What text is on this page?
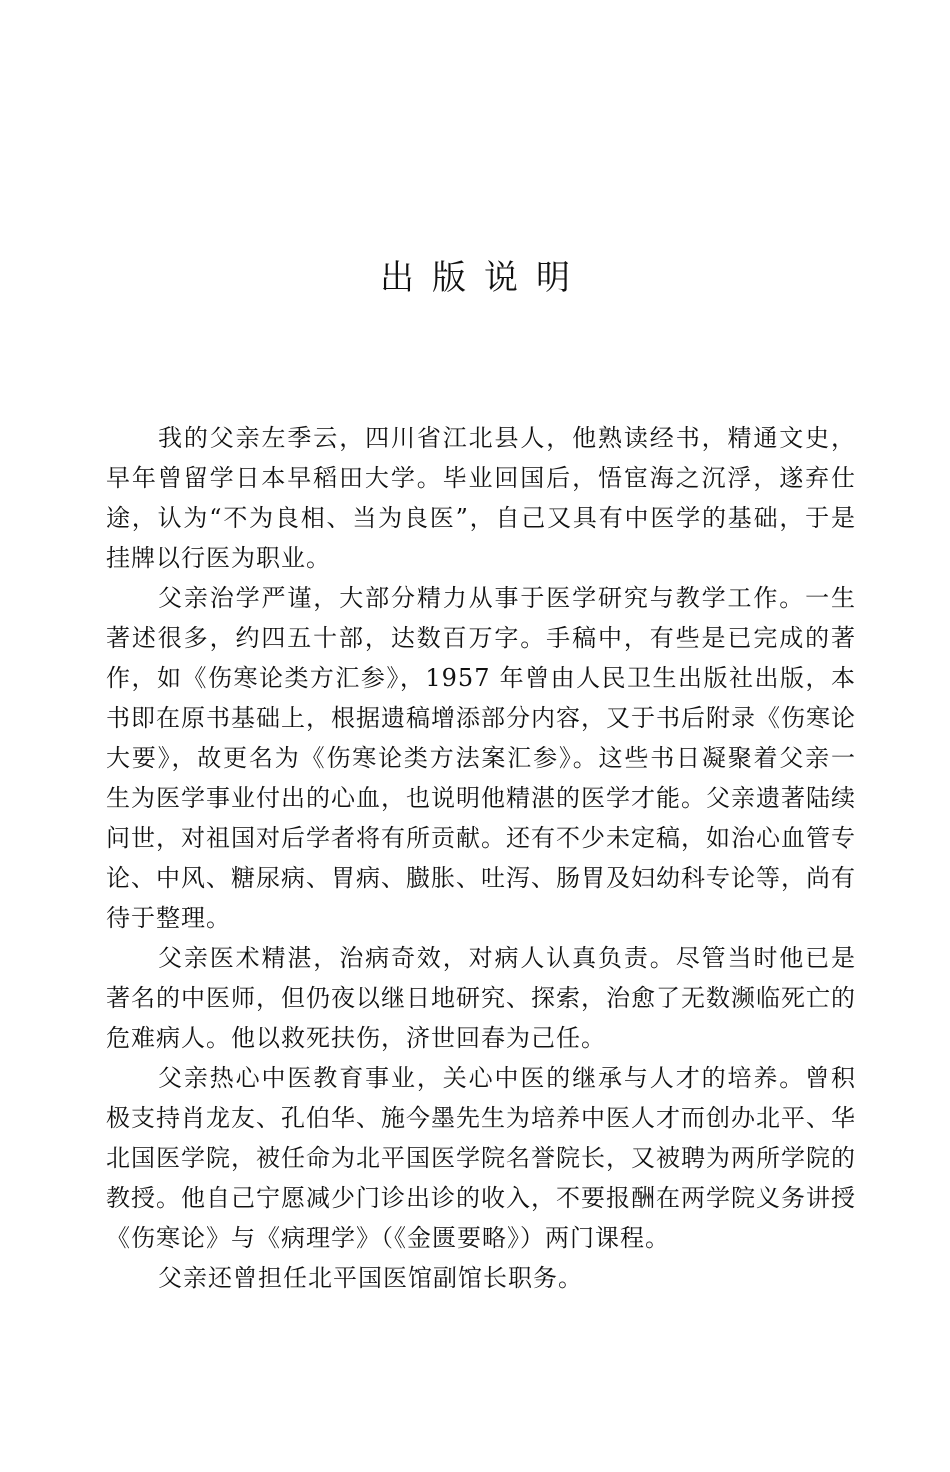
出版说明

我的父亲左季云，四川省江北县人，他熟读经书，精通文史，早年曾留学日本早稻田大学。毕业回国后，悟宦海之沉浮，遂弃仕途，认为“不为良相、当为良医”，自己又具有中医学的基础，于是挂牌以行医为职业。

父亲治学严谨，大部分精力从事于医学研究与教学工作。一生著述很多，约四五十部，达数百万字。手稿中，有些是已完成的著作，如《伤寒论类方汇参》，1957 年曾由人民卫生出版社出版，本书即在原书基础上，根据遗稿增添部分内容，又于书后附录《伤寒论大要》，故更名为《伤寒论类方法案汇参》。这些书日凝聚着父亲一生为医学事业付出的心血，也说明他精湛的医学才能。父亲遗著陆续问世，对祖国对后学者将有所贡献。还有不少未定稿，如治心血管专论、中风、糖尿病、胃病、臌胀、吐泻、肠胃及妇幼科专论等，尚有待于整理。

父亲医术精湛，治病奇效，对病人认真负责。尽管当时他已是著名的中医师，但仍夜以继日地研究、探索，治愈了无数濒临死亡的危难病人。他以救死扶伤，济世回春为己任。

父亲热心中医教育事业，关心中医的继承与人才的培养。曾积极支持肖龙友、孔伯华、施今墨先生为培养中医人才而创办北平、华北国医学院，被任命为北平国医学院名誉院长，又被聘为两所学院的教授。他自己宁愿减少门诊出诊的收入，不要报酬在两学院义务讲授《伤寒论》与《病理学》（《金匮要略》）两门课程。

父亲还曾担任北平国医馆副馆长职务。
